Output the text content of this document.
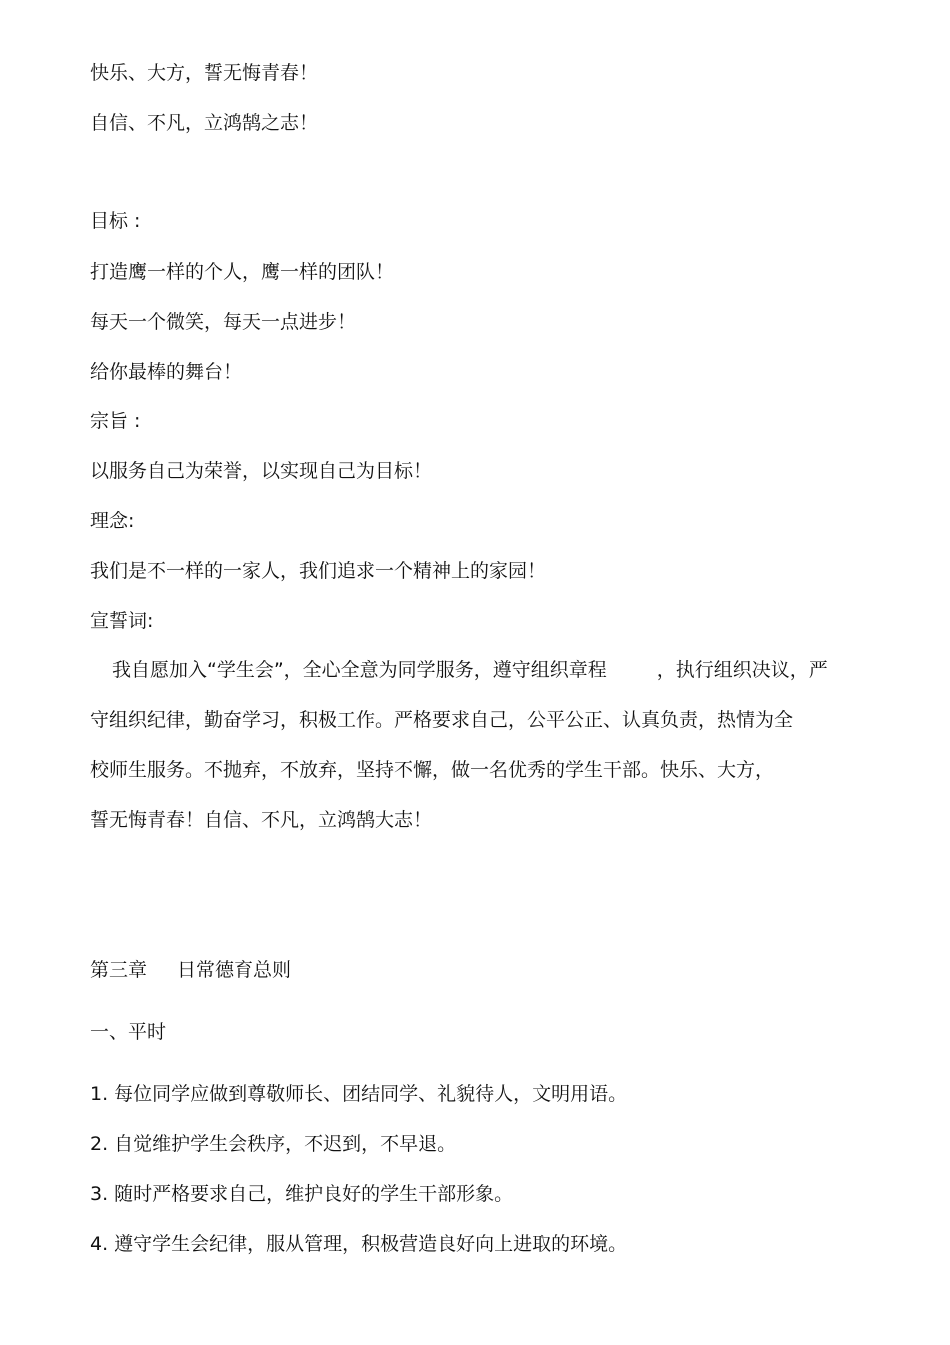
快乐、大方，誓无悔青春！

自信、不凡，立鸿鹄之志！

目标 :

打造鹰一样的个人，鹰一样的团队！

每天一个微笑，每天一点进步！

给你最棒的舞台！

宗旨 :

以服务自己为荣誉，以实现自己为目标！

理念:

我们是不一样的一家人，我们追求一个精神上的家园！

宣誓词:

我自愿加入“学生会”，全心全意为同学服务，遵守组织章程	，执行组织决议，严

守组织纪律，勤奋学习，积极工作。严格要求自己，公平公正、认真负责，热情为全

校师生服务。不抛弃，不放弃，坚持不懈，做一名优秀的学生干部。快乐、大方，

誓无悔青春！自信、不凡，立鸿鹄大志！

第三章 日常德育总则

一、平时

1. 每位同学应做到尊敬师长、团结同学、礼貌待人，文明用语。

2. 自觉维护学生会秩序，不迟到，不早退。

3. 随时严格要求自己，维护良好的学生干部形象。

4. 遵守学生会纪律，服从管理，积极营造良好向上进取的环境。
